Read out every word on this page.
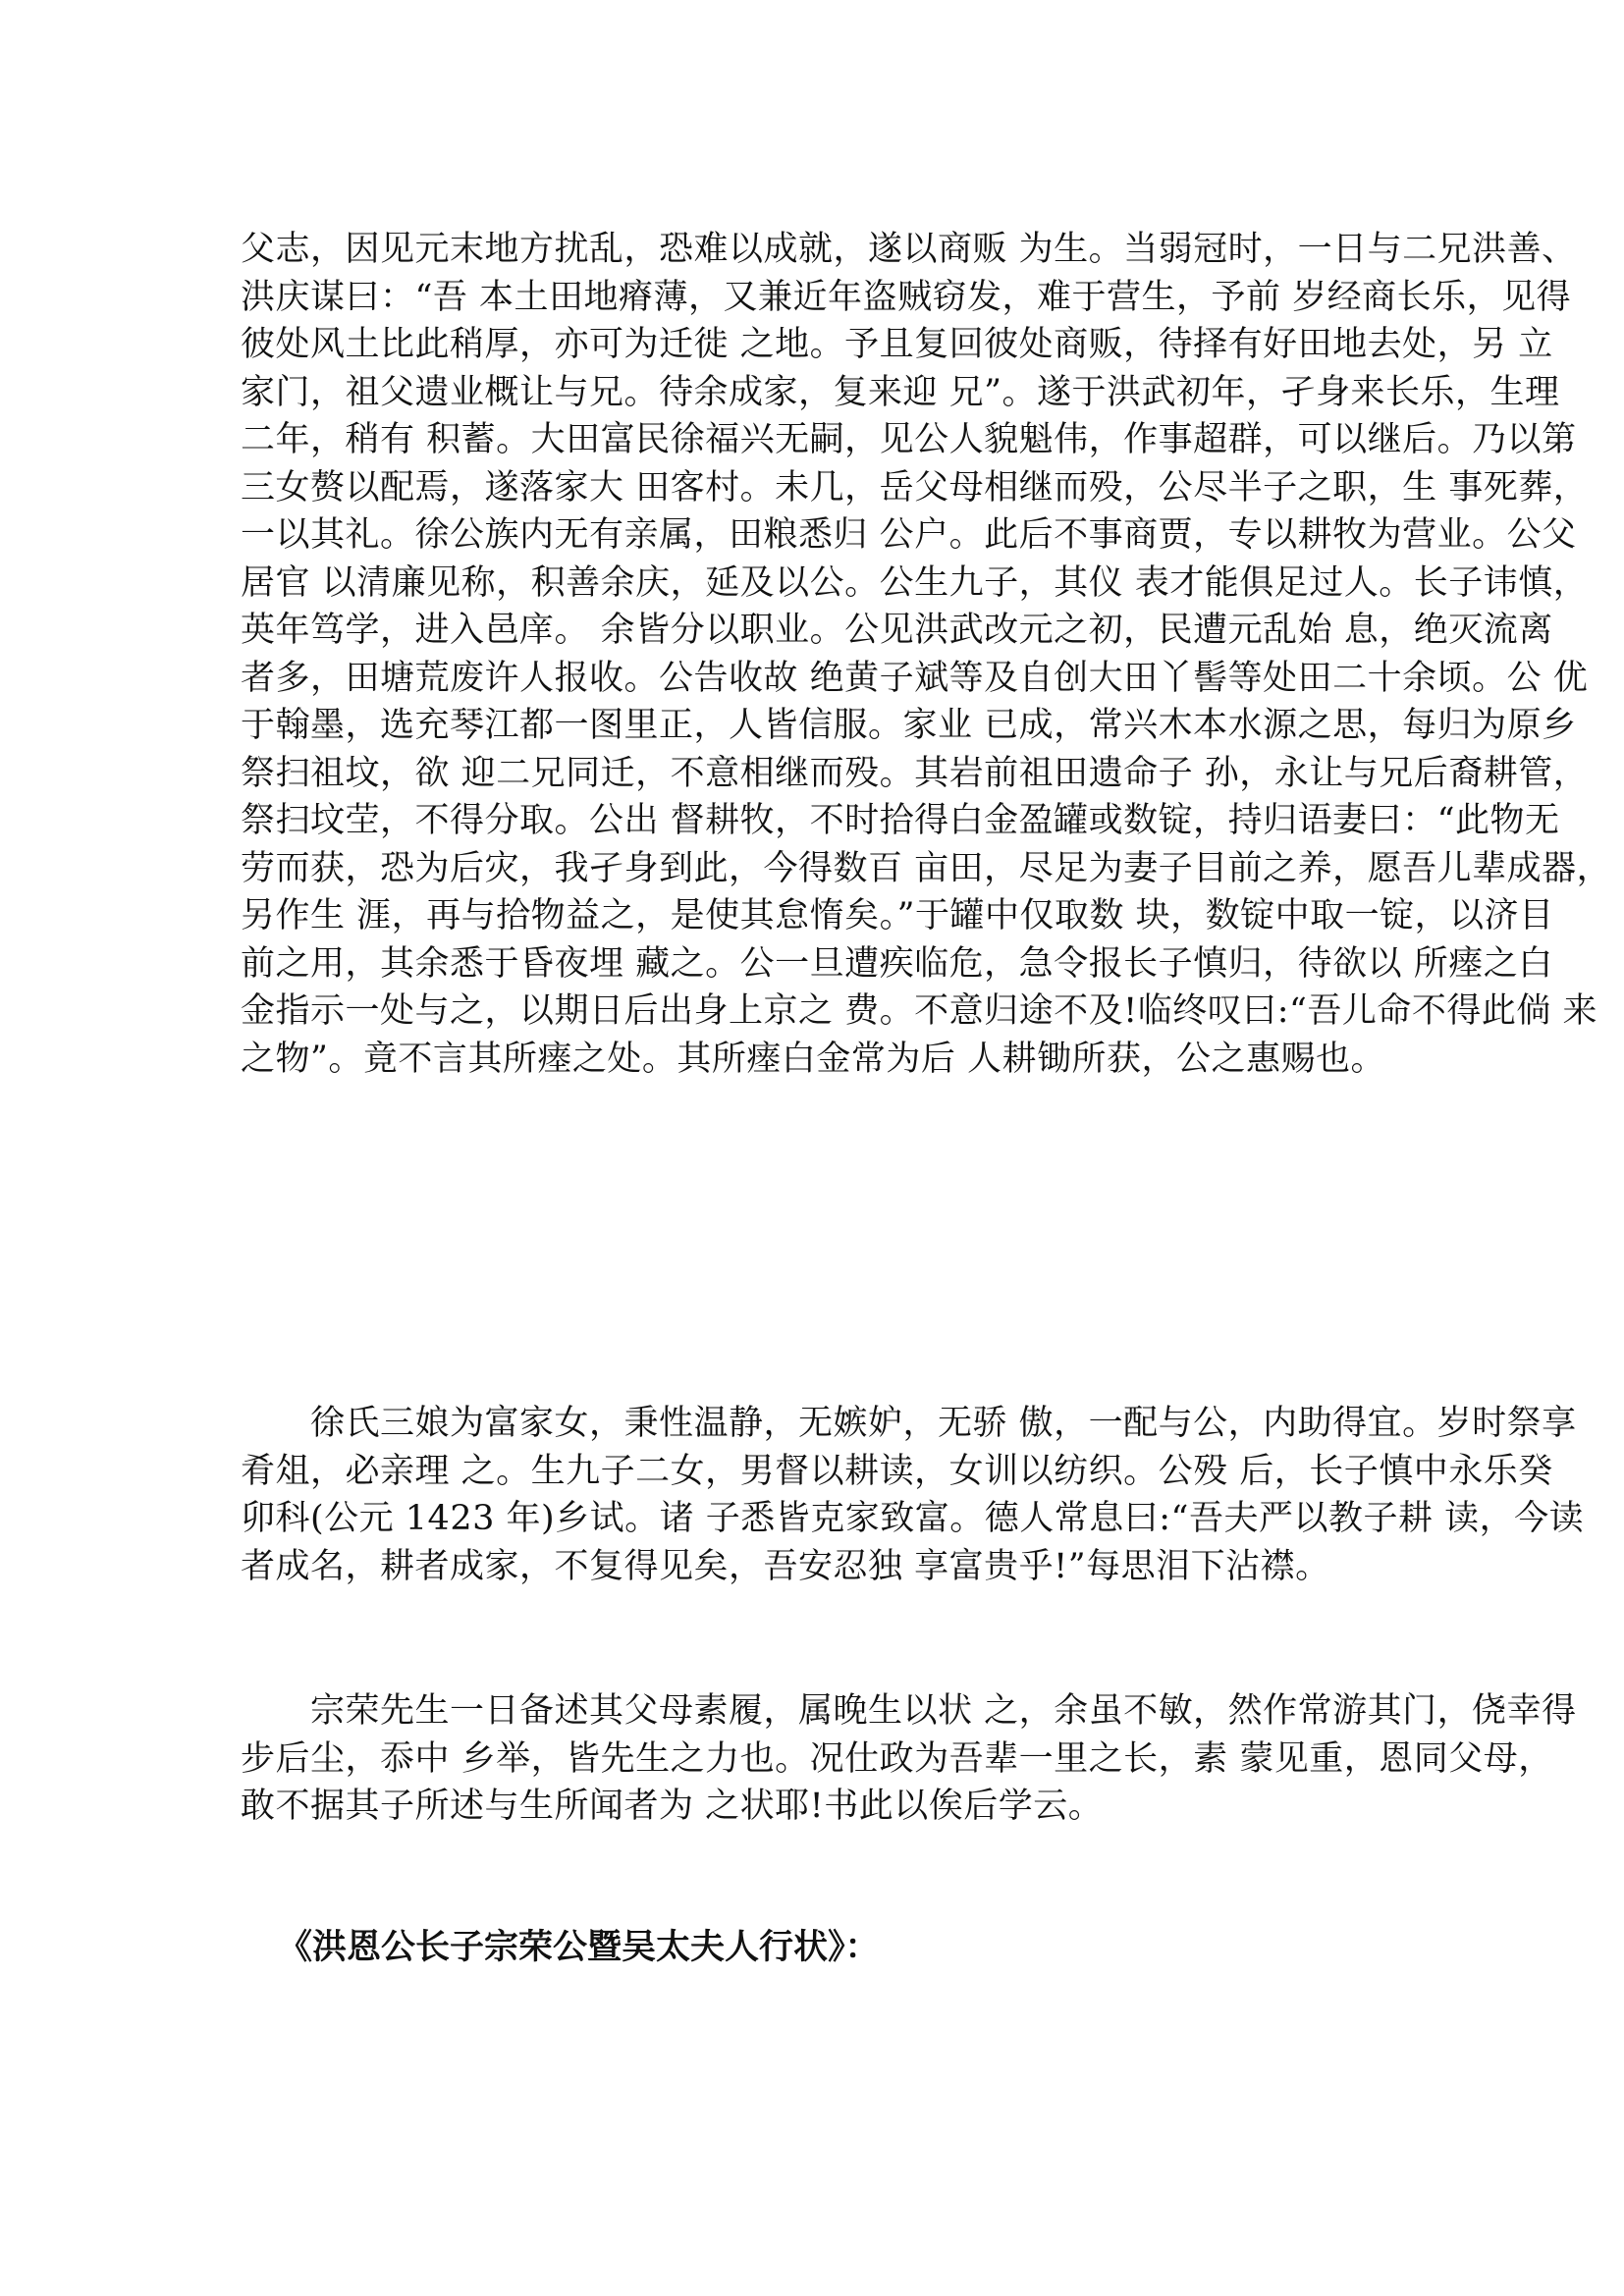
父志，因见元末地方扰乱，恐难以成就，遂以商贩 为生。当弱冠时，一日与二兄洪善、
洪庆谋曰：“吾 本土田地瘠薄，又兼近年盗贼窃发，难于营生，予前 岁经商长乐，见得
彼处风土比此稍厚，亦可为迁徙 之地。予且复回彼处商贩，待择有好田地去处，另 立
家门，祖父遗业概让与兄。待余成家，复来迎 兄”。遂于洪武初年，孑身来长乐，生理
二年，稍有 积蓄。大田富民徐福兴无嗣，见公人貌魁伟，作事超群，可以继后。乃以第
三女赘以配焉，遂落家大 田客村。未几，岳父母相继而殁，公尽半子之职，生 事死葬，
一以其礼。徐公族内无有亲属，田粮悉归 公户。此后不事商贾，专以耕牧为营业。公父
居官 以清廉见称，积善余庆，延及以公。公生九子，其仪 表才能俱足过人。长子讳慎，
英年笃学，进入邑庠。 余皆分以职业。公见洪武改元之初，民遭元乱始 息，绝灭流离
者多，田塘荒废许人报收。公告收故 绝黄子斌等及自创大田丫髻等处田二十余顷。公 优
于翰墨，选充琴江都一图里正，人皆信服。家业 已成，常兴木本水源之思，每归为原乡
祭扫祖坟，欲 迎二兄同迁，不意相继而殁。其岩前祖田遗命子 孙，永让与兄后裔耕管，
祭扫坟茔，不得分取。公出 督耕牧，不时拾得白金盈罐或数锭，持归语妻曰：“此物无
劳而获，恐为后灾，我孑身到此，今得数百 亩田，尽足为妻子目前之养，愿吾儿辈成器，
另作生 涯，再与拾物益之，是使其怠惰矣。”于罐中仅取数 块，数锭中取一锭，以济目
前之用，其余悉于昏夜埋 藏之。公一旦遭疾临危，急令报长子慎归，待欲以 所瘗之白
金指示一处与之，以期日后出身上京之 费。不意归途不及!临终叹曰:“吾儿命不得此倘 来
之物”。竟不言其所瘗之处。其所瘗白金常为后 人耕锄所获，公之惠赐也。

　　徐氏三娘为富家女，秉性温静，无嫉妒，无骄 傲，一配与公，内助得宜。岁时祭享
肴俎，必亲理 之。生九子二女，男督以耕读，女训以纺织。公殁 后，长子慎中永乐癸
卯科(公元 1423 年)乡试。诸 子悉皆克家致富。德人常息曰:“吾夫严以教子耕 读，今读
者成名，耕者成家，不复得见矣，吾安忍独 享富贵乎!”每思泪下沾襟。

　　宗荣先生一日备述其父母素履，属晚生以状 之，余虽不敏，然作常游其门，侥幸得
步后尘，忝中 乡举，皆先生之力也。况仕政为吾辈一里之长，素 蒙见重，恩同父母，
敢不据其子所述与生所闻者为 之状耶!书此以俟后学云。

《洪恩公长子宗荣公暨吴太夫人行状》：
